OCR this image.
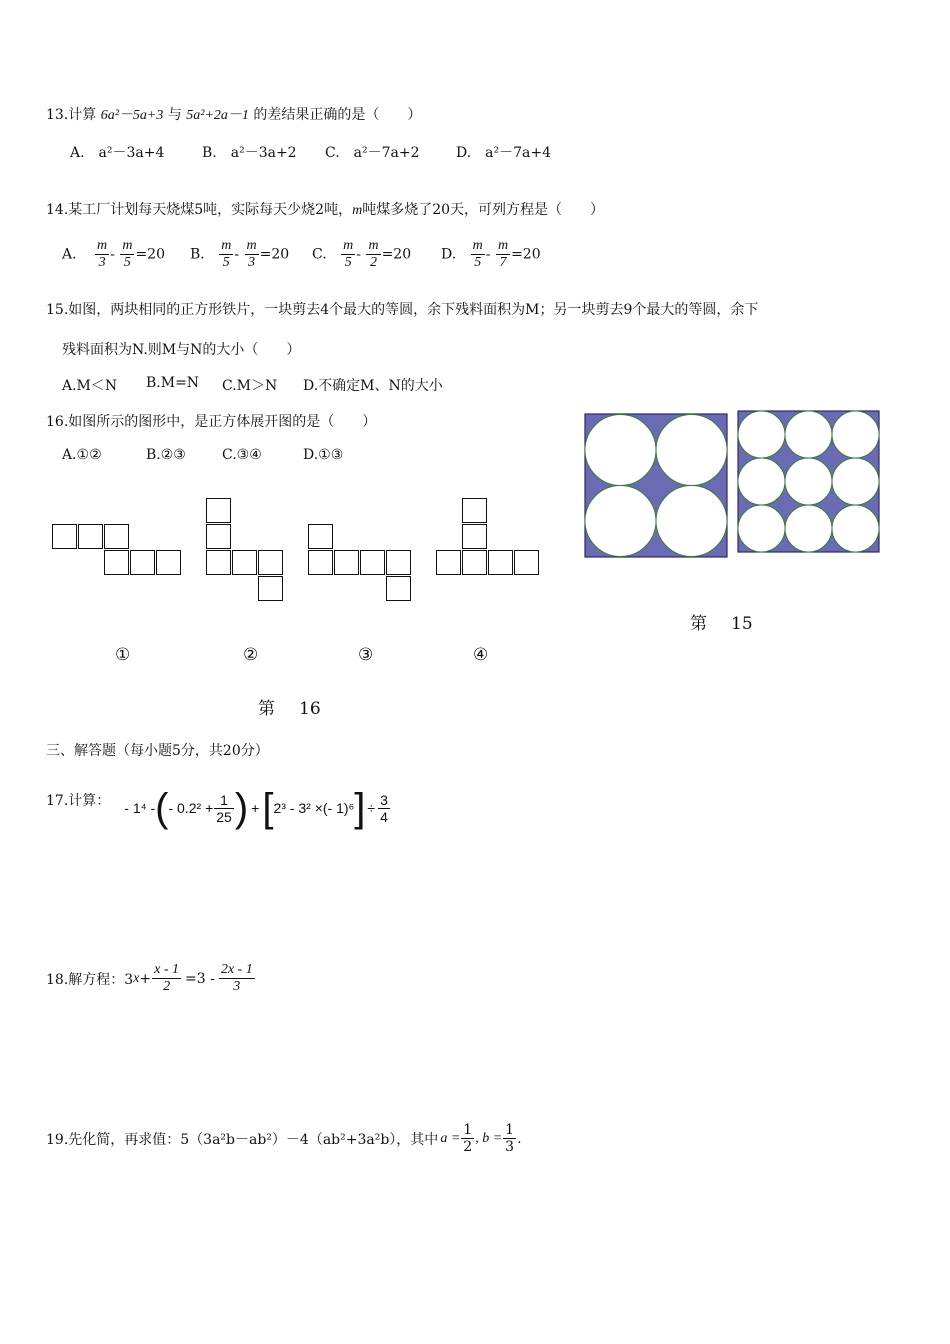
13.计算 6a²－5a+3 与 5a²+2a－1 的差结果正确的是（　　）
A.　a²－3a+4	B.　a²－3a+2 C.　a²－7a+2	D.　a²－7a+4
14.某工厂计划每天烧煤5吨，实际每天少烧2吨，m吨煤多烧了20天，可列方程是（　　）
A. $\frac{m}{3} - \frac{m}{5} =20$ B. $\frac{m}{5} - \frac{m}{3} =20$ C. $\frac{m}{5} - \frac{m}{2} =20$ D. $\frac{m}{5} - \frac{m}{7} =20$
15.如图，两块相同的正方形铁片，一块剪去4个最大的等圆，余下残料面积为M；另一块剪去9个最大的等圆，余下
残料面积为N.则M与N的大小（　　）
A.M＜N B.M=N C.M＞N D.不确定M、N的大小
第 15
16.如图所示的图形中，是正方体展开图的是（　　）
A.①②	B.②③	C.③④	D.①③
①	②	③	④
第 16
三、解答题（每小题5分，共20分）
17.计算： - 1⁴ - ( - $0.2^2 + \frac{1}{25}$ ) + [ 2³ - 3² ×(- 1)⁶ ] ÷ $\frac{3}{4}$
18.解方程：3 $x + \frac{x - 1}{2} =3 - \frac{2x - 1}{3}$
19.先化简，再求值：5（3a²b－ab²）－4（ab²+3a²b），其中 $a = \frac{1}{2}$ , $b = \frac{1}{3}$ .
